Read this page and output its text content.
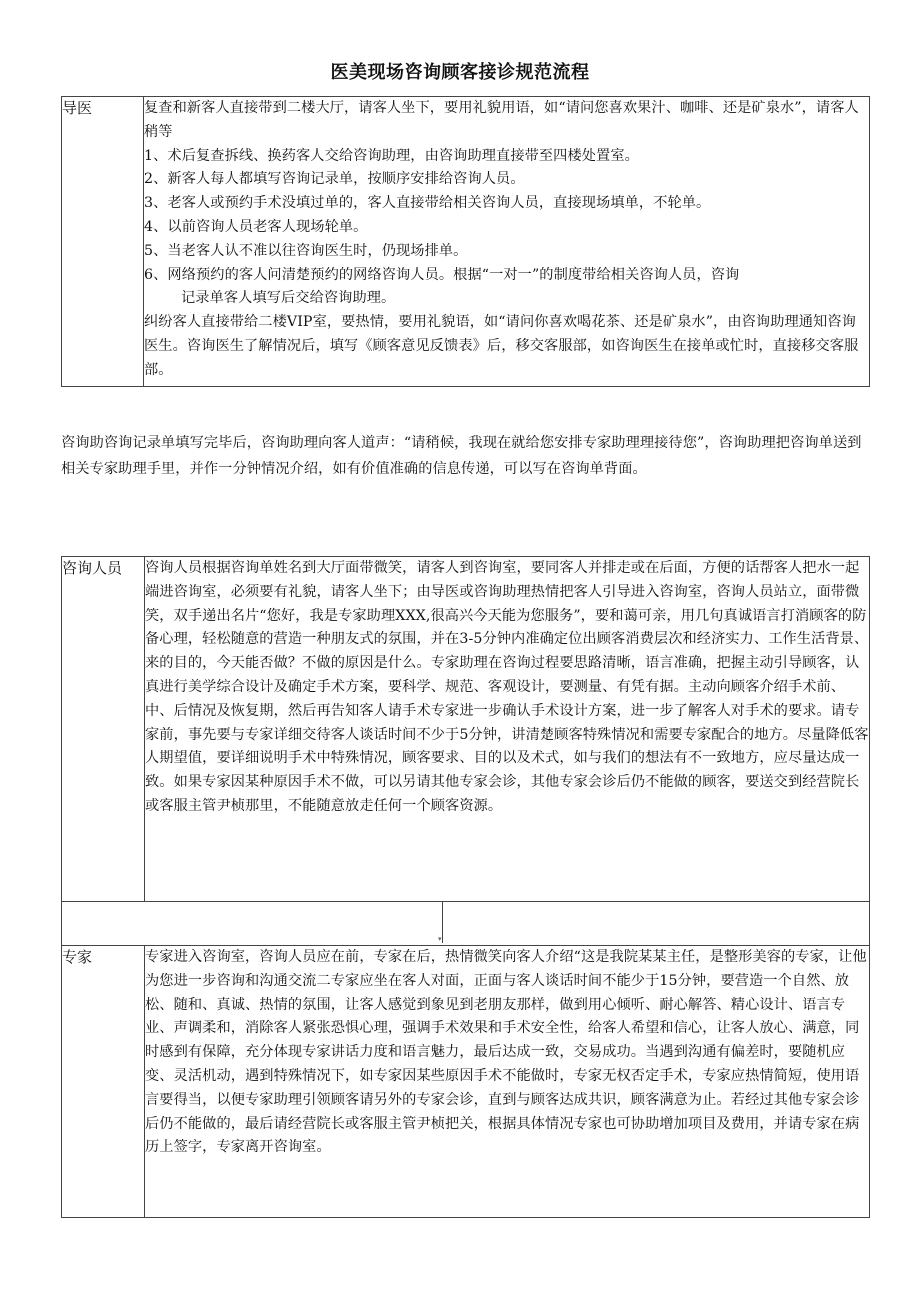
医美现场咨询顾客接诊规范流程
导医	复查和新客人直接带到二楼大厅，请客人坐下，要用礼貌用语，如“请问您喜欢果汁、咖啡、还是矿泉水”，请客人稍等

1、术后复查拆线、换药客人交给咨询助理，由咨询助理直接带至四楼处置室。

2、新客人每人都填写咨询记录单，按顺序安排给咨询人员。

3、老客人或预约手术没填过单的，客人直接带给相关咨询人员，直接现场填单，不轮单。

4、以前咨询人员老客人现场轮单。

5、当老客人认不准以往咨询医生时，仍现场排单。

6、网络预约的客人问清楚预约的网络咨询人员。根据“一对一”的制度带给相关咨询人员，咨询

记录单客人填写后交给咨询助理。

纠纷客人直接带给二楼VIP室，要热情，要用礼貌语，如“请问你喜欢喝花茶、还是矿泉水”，由咨询助理通知咨询医生。咨询医生了解情况后，填写《顾客意见反馈表》后，移交客服部，如咨询医生在接单或忙时，直接移交客服部。

咨询助咨询记录单填写完毕后，咨询助理向客人道声：“请稍候，我现在就给您安排专家助理理接待您”，咨询助理把咨询单送到相关专家助理手里，并作一分钟情况介绍，如有价值准确的信息传递，可以写在咨询单背面。
咨询人员	咨询人员根据咨询单姓名到大厅面带微笑，请客人到咨询室，要同客人并排走或在后面，方便的话帮客人把水一起端进咨询室，必须要有礼貌，请客人坐下；由导医或咨询助理热情把客人引导进入咨询室，咨询人员站立，面带微笑，双手递出名片“您好，我是专家助理XXX,很高兴今天能为您服务”，要和蔼可亲，用几句真诚语言打消顾客的防备心理，轻松随意的营造一种朋友式的氛围，并在3-5分钟内准确定位出顾客消费层次和经济实力、工作生活背景、来的目的，今天能否做？不做的原因是什么。专家助理在咨询过程要思路清晰，语言准确，把握主动引导顾客，认真进行美学综合设计及确定手术方案，要科学、规范、客观设计，要测量、有凭有据。主动向顾客介绍手术前、中、后情况及恢复期，然后再告知客人请手术专家进一步确认手术设计方案，进一步了解客人对手术的要求。请专家前，事先要与专家详细交待客人谈话时间不少于5分钟，讲清楚顾客特殊情况和需要专家配合的地方。尽量降低客人期望值，要详细说明手术中特殊情况，顾客要求、目的以及术式，如与我们的想法有不一致地方，应尽量达成一致。如果专家因某种原因手术不做，可以另请其他专家会诊，其他专家会诊后仍不能做的顾客，要送交到经营院长或客服主管尹桢那里，不能随意放走任何一个顾客资源。

专家	专家进入咨询室，咨询人员应在前，专家在后，热情微笑向客人介绍“这是我院某某主任，是整形美容的专家，让他为您进一步咨询和沟通交流二专家应坐在客人对面，正面与客人谈话时间不能少于15分钟，要营造一个自然、放松、随和、真诚、热情的氛围，让客人感觉到象见到老朋友那样，做到用心倾听、耐心解答、精心设计、语言专业、声调柔和，消除客人紧张恐惧心理，强调手术效果和手术安全性，给客人希望和信心，让客人放心、满意，同时感到有保障，充分体现专家讲话力度和语言魅力，最后达成一致，交易成功。当遇到沟通有偏差时，要随机应变、灵活机动，遇到特殊情况下，如专家因某些原因手术不能做时，专家无权否定手术，专家应热情简短，使用语言要得当，以便专家助理引领顾客请另外的专家会诊，直到与顾客达成共识，顾客满意为止。若经过其他专家会诊后仍不能做的，最后请经营院长或客服主管尹桢把关，根据具体情况专家也可协助增加项目及费用，并请专家在病历上签字，专家离开咨询室。
▾
